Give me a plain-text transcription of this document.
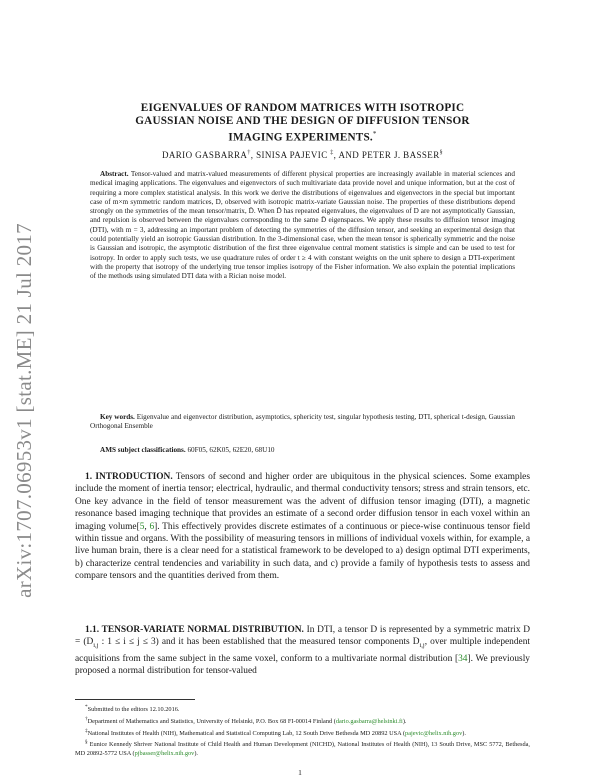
arXiv:1707.06953v1 [stat.ME] 21 Jul 2017
EIGENVALUES OF RANDOM MATRICES WITH ISOTROPIC
GAUSSIAN NOISE AND THE DESIGN OF DIFFUSION TENSOR
IMAGING EXPERIMENTS.*
DARIO GASBARRA†, SINISA PAJEVIC ‡, AND PETER J. BASSER§

Abstract. Tensor-valued and matrix-valued measurements of different physical properties are increasingly available in material sciences and medical imaging applications. The eigenvalues and eigenvectors of such multivariate data provide novel and unique information, but at the cost of requiring a more complex statistical analysis. In this work we derive the distributions of eigenvalues and eigenvectors in the special but important case of m×m symmetric random matrices, D, observed with isotropic matrix-variate Gaussian noise. The properties of these distributions depend strongly on the symmetries of the mean tensor/matrix, D̄. When D̄ has repeated eigenvalues, the eigenvalues of D are not asymptotically Gaussian, and repulsion is observed between the eigenvalues corresponding to the same D̄ eigenspaces. We apply these results to diffusion tensor imaging (DTI), with m = 3, addressing an important problem of detecting the symmetries of the diffusion tensor, and seeking an experimental design that could potentially yield an isotropic Gaussian distribution. In the 3-dimensional case, when the mean tensor is spherically symmetric and the noise is Gaussian and isotropic, the asymptotic distribution of the first three eigenvalue central moment statistics is simple and can be used to test for isotropy. In order to apply such tests, we use quadrature rules of order t ≥ 4 with constant weights on the unit sphere to design a DTI-experiment with the property that isotropy of the underlying true tensor implies isotropy of the Fisher information. We also explain the potential implications of the methods using simulated DTI data with a Rician noise model.

Key words. Eigenvalue and eigenvector distribution, asymptotics, sphericity test, singular hypothesis testing, DTI, spherical t-design, Gaussian Orthogonal Ensemble

AMS subject classifications. 60F05, 62K05, 62E20, 68U10

1. INTRODUCTION. Tensors of second and higher order are ubiquitous in the physical sciences. Some examples include the moment of inertia tensor; electrical, hydraulic, and thermal conductivity tensors; stress and strain tensors, etc. One key advance in the field of tensor measurement was the advent of diffusion tensor imaging (DTI), a magnetic resonance based imaging technique that provides an estimate of a second order diffusion tensor in each voxel within an imaging volume[5, 6]. This effectively provides discrete estimates of a continuous or piece-wise continuous tensor field within tissue and organs. With the possibility of measuring tensors in millions of individual voxels within, for example, a live human brain, there is a clear need for a statistical framework to be developed to a) design optimal DTI experiments, b) characterize central tendencies and variability in such data, and c) provide a family of hypothesis tests to assess and compare tensors and the quantities derived from them.

1.1. TENSOR-VARIATE NORMAL DISTRIBUTION. In DTI, a tensor D is represented by a symmetric matrix $D = (D_{i,j}$ : 1 ≤ i ≤ j ≤ 3) and it has been established that the measured tensor components $D_{i,j}$, over multiple independent acquisitions from the same subject in the same voxel, conform to a multivariate normal distribution [34]. We previously proposed a normal distribution for tensor-valued

*Submitted to the editors 12.10.2016.

†Department of Mathematics and Statistics, University of Helsinki, P.O. Box 68 FI-00014 Finland (dario.gasbarra@helsinki.fi).

‡National Institutes of Health (NIH), Mathematical and Statistical Computing Lab, 12 South Drive Bethesda MD 20892 USA (pajevic@helix.nih.gov).

§ Eunice Kennedy Shriver National Institute of Child Health and Human Development (NICHD), National Institutes of Health (NIH), 13 South Drive, MSC 5772, Bethesda, MD 20892-5772 USA (pjbasser@helix.nih.gov).

1
